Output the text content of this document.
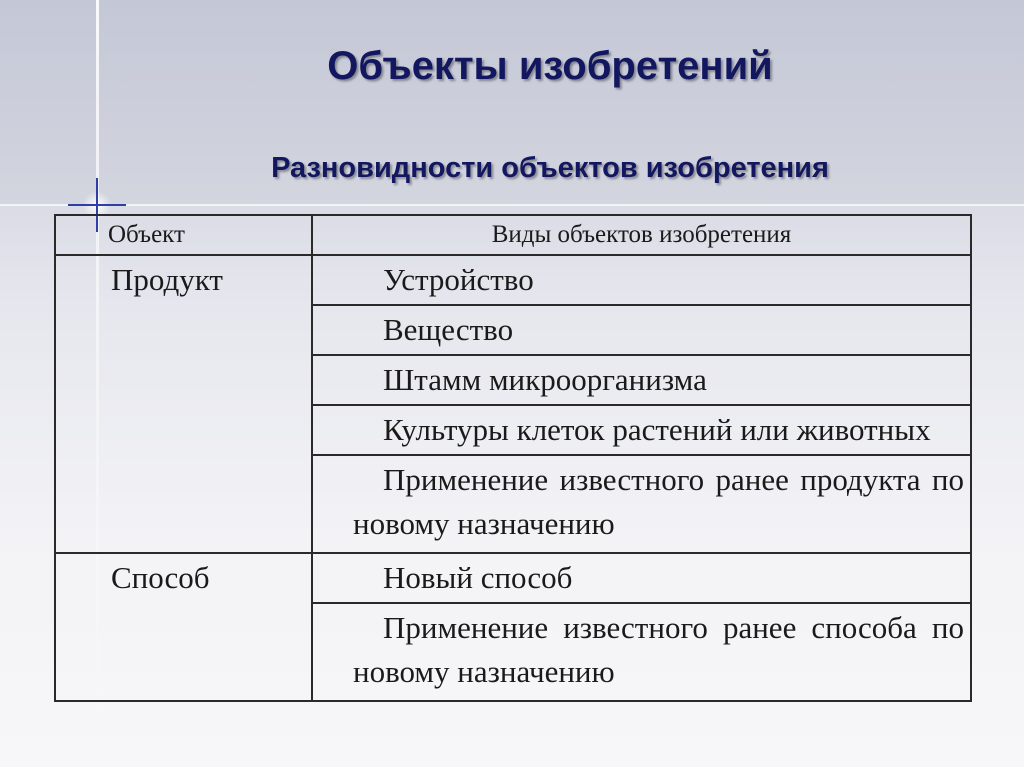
Объекты изобретений
Разновидности объектов изобретения
Объект	Виды объектов изобретения
Продукт	Устройство
	Вещество
	Штамм микроорганизма
	Культуры клеток растений или животных
	Применение известного ранее продукта по новому назначению
Способ	Новый способ
	Применение известного ранее способа по новому назначению
